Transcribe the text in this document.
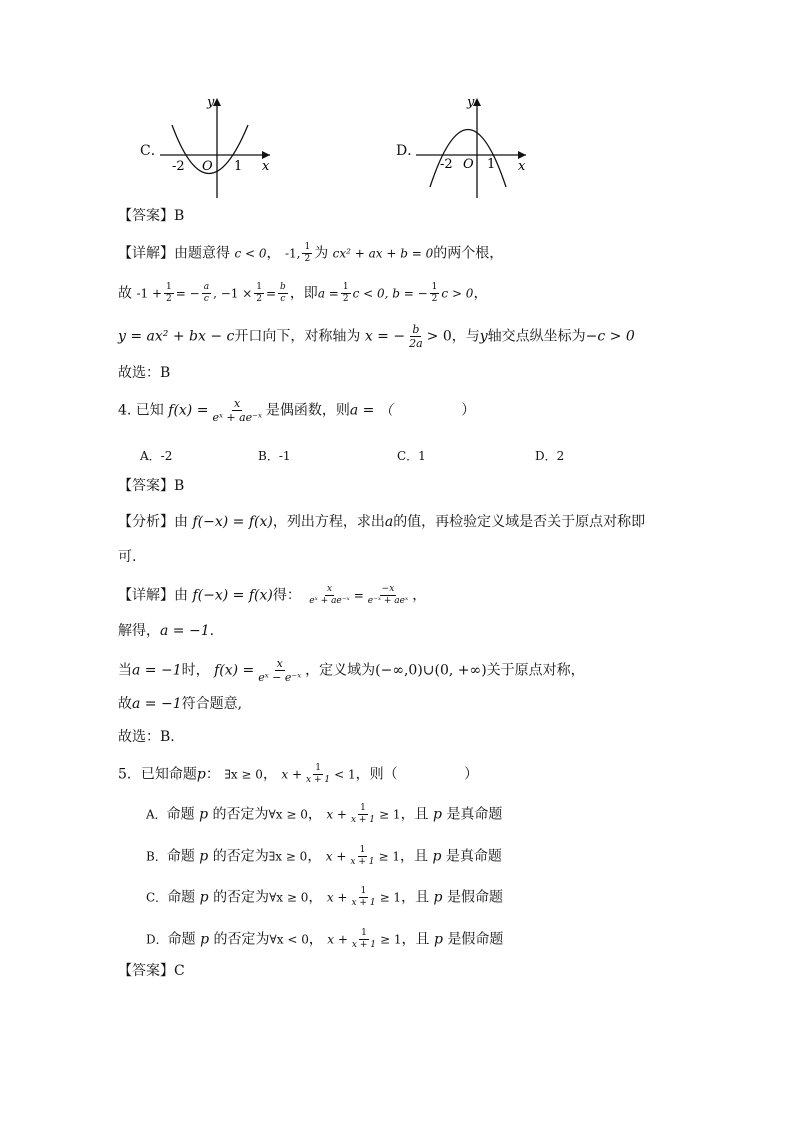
C．
y
x
-2 O 1
D．
y
x
-2 O 1
【答案】B
【详解】由题意得 c < 0， -1, $\frac{1}{2}$ 为 cx² + ax + b = 0的两个根，
故 $-1 + \frac{1}{2}$ = − $\frac{a}{c}$ , $-1 \times \frac{1}{2} = \frac{b}{c}$ ，即$a = \frac{1}{2}$ c < 0, b = − $\frac{1}{2}$ c > 0，
y = ax² + bx − c开口向下，对称轴为 x = − $\frac{b}{2a} > 0$，与y轴交点纵坐标为−c > 0
故选：B
4. 已知 $f(x) = \frac{x}{\text{eˣ + ae⁻ˣ}}$ 是偶函数，则a = （	）
A．-2	B．-1	C．1	D．2
【答案】B
【分析】由 f(−x) = f(x)，列出方程，求出a的值，再检验定义域是否关于原点对称即
可.
【详解】由 f(−x) = f(x)得： $\frac{x}{\text{eˣ + ae⁻ˣ}} = \frac{-x}{\text{e⁻ˣ + aeˣ}}$ ，
解得，a = −1.
当a = −1时， $f(x) = \frac{x}{\text{eˣ − e⁻ˣ}}$ ，定义域为(−∞,0)∪(0, +∞)关于原点对称，
故a = −1符合题意,
故选：B.
5．已知命题p： ∃x ≥ 0， $x + \frac{1}{x + 1} < 1$，则（	）
A．命题 p 的否定为∀x ≥ 0， $x + \frac{1}{x + 1} \ge 1$，且 p 是真命题
B．命题 p 的否定为∃x ≥ 0， $x + \frac{1}{x + 1} \ge 1$，且 p 是真命题
C．命题 p 的否定为∀x ≥ 0， $x + \frac{1}{x + 1} \ge 1$，且 p 是假命题
D．命题 p 的否定为∀x < 0， $x + \frac{1}{x + 1} \ge 1$，且 p 是假命题
【答案】C
